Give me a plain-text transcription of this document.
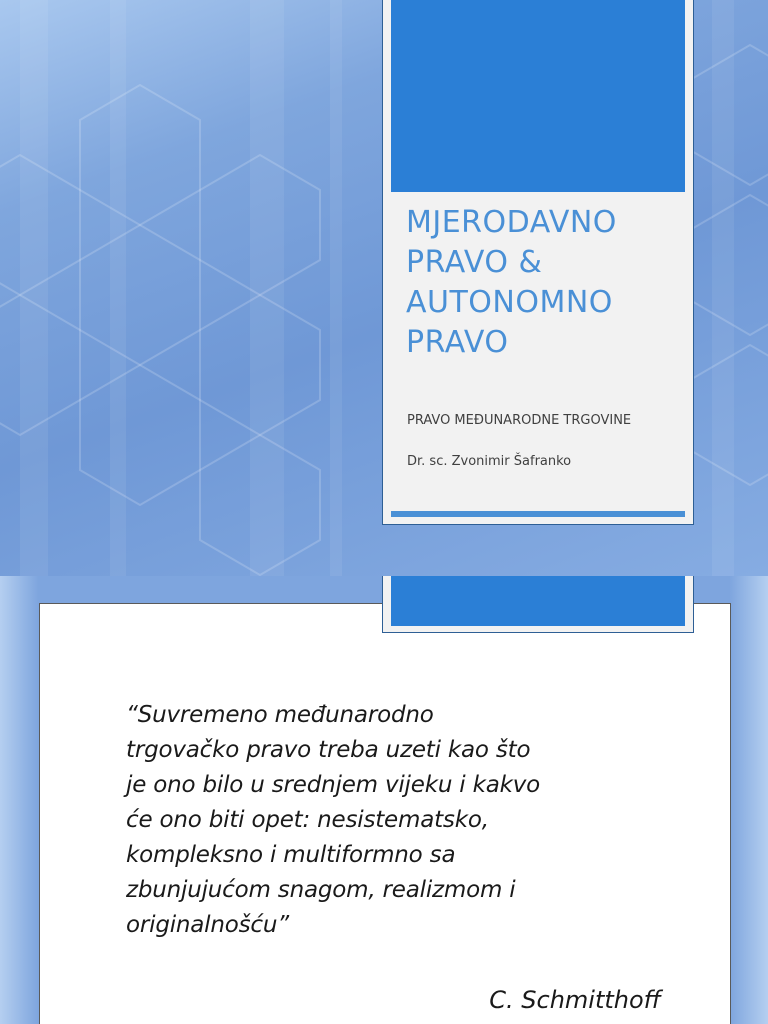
MJERODAVNO
PRAVO &
AUTONOMNO
PRAVO

PRAVO MEĐUNARODNE TRGOVINE

Dr. sc. Zvonimir Šafranko

“Suvremeno međunarodno
trgovačko pravo treba uzeti kao što
je ono bilo u srednjem vijeku i kakvo
će ono biti opet: nesistematsko,
kompleksno i multiformno sa
zbunjujućom snagom, realizmom i
originalnošću”

C. Schmitthoff
